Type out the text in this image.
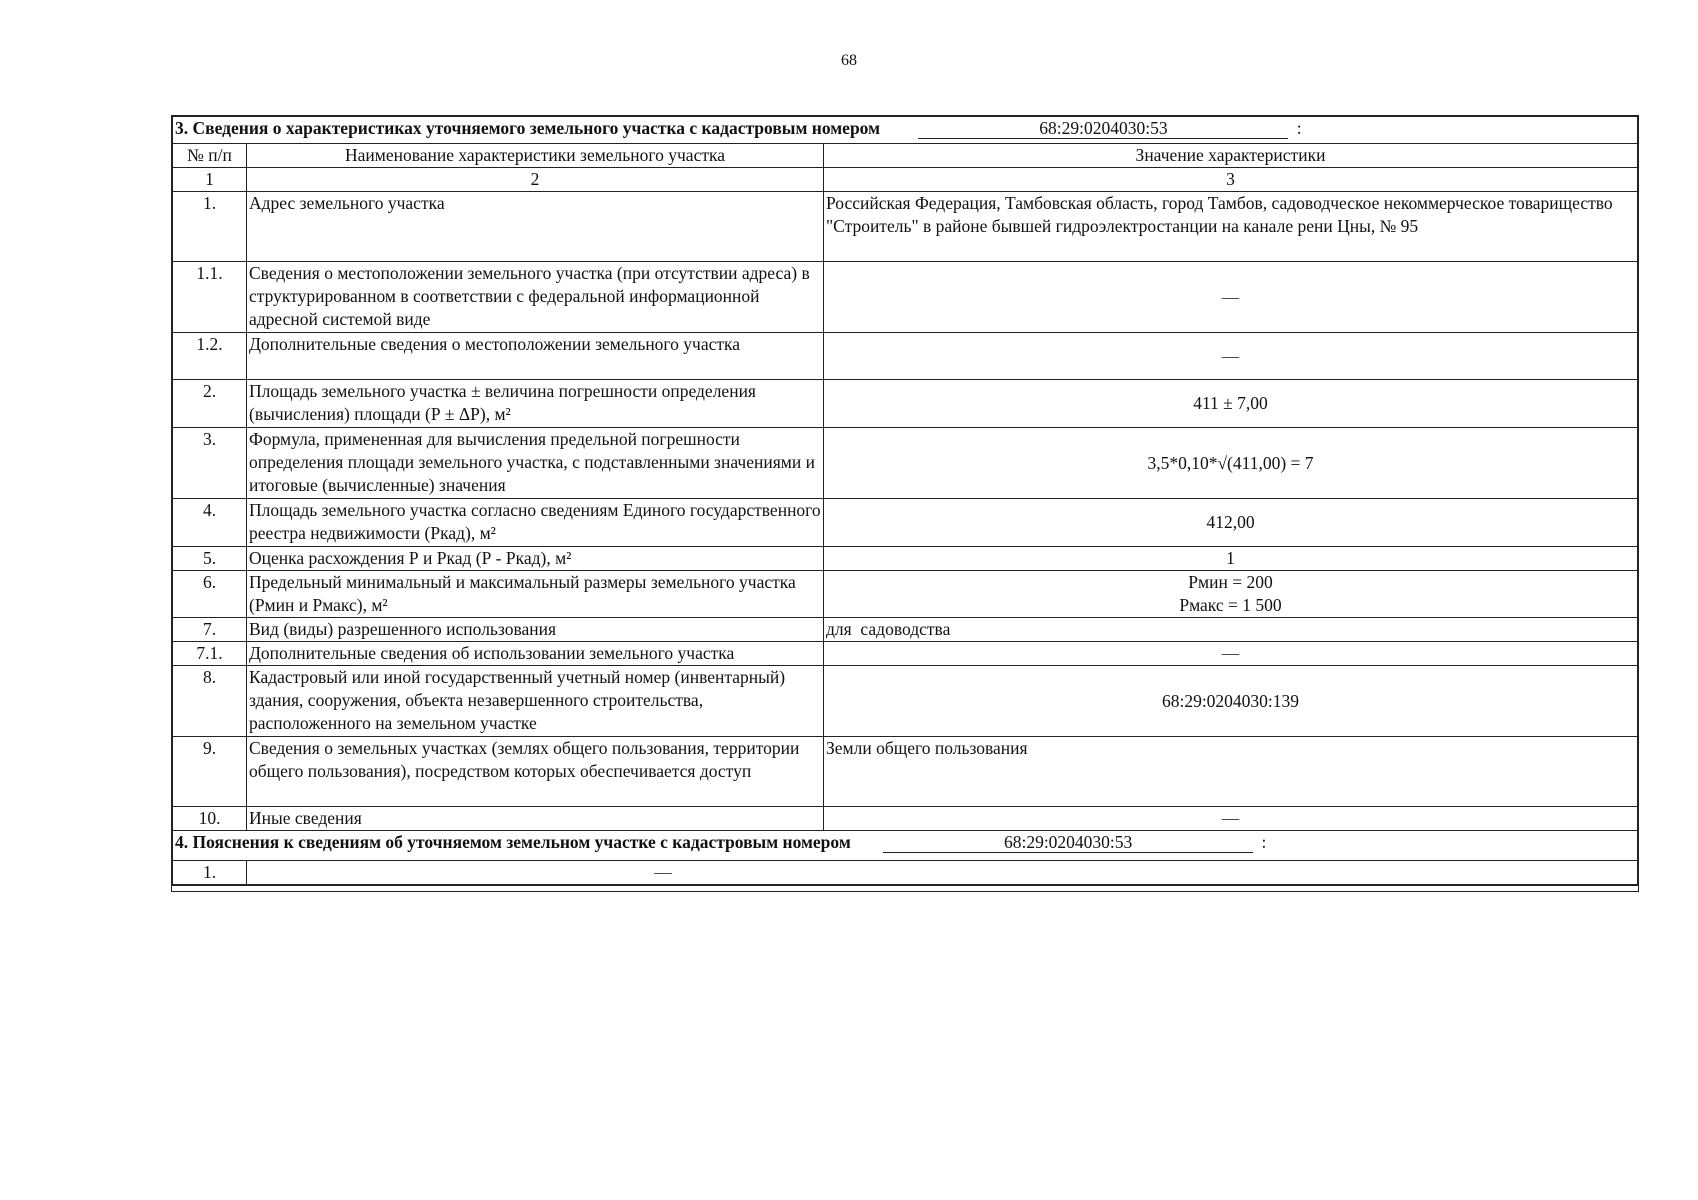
68
3. Сведения о характеристиках уточняемого земельного участка с кадастровым номером 68:29:0204030:53 :		
№ п/п	Наименование характеристики земельного участка	Значение характеристики
1	2	3
1.	Адрес земельного участка	Российская Федерация, Тамбовская область, город Тамбов, садоводческое некоммерческое товарищество "Строитель" в районе бывшей гидроэлектростанции на канале рени Цны, № 95
1.1.	Сведения о местоположении земельного участка (при отсутствии адреса) в структурированном в соответствии с федеральной информационной адресной системой виде	—
1.2.	Дополнительные сведения о местоположении земельного участка	—
2.	Площадь земельного участка ± величина погрешности определения (вычисления) площади (Р ± ΔР), м²	411 ± 7,00
3.	Формула, примененная для вычисления предельной погрешности определения площади земельного участка, с подставленными значениями и итоговые (вычисленные) значения	3,5*0,10*√(411,00) = 7
4.	Площадь земельного участка согласно сведениям Единого государственного реестра недвижимости (Ркад), м²	412,00
5.	Оценка расхождения Р и Ркад (Р - Ркад), м²	1
6.	Предельный минимальный и максимальный размеры земельного участка (Рмин и Рмакс), м²	Рмин = 200
Рмакс = 1 500

7.	Вид (виды) разрешенного использования	для  садоводства
7.1.	Дополнительные сведения об использовании земельного участка	—
8.	Кадастровый или иной государственный учетный номер (инвентарный) здания, сооружения, объекта незавершенного строительства, расположенного на земельном участке	68:29:0204030:139
9.	Сведения о земельных участках (землях общего пользования, территории общего пользования), посредством которых обеспечивается доступ	Земли общего пользования
10.	Иные сведения	—
4. Пояснения к сведениям об уточняемом земельном участке с кадастровым номером 68:29:0204030:53 :		
1.	—	
